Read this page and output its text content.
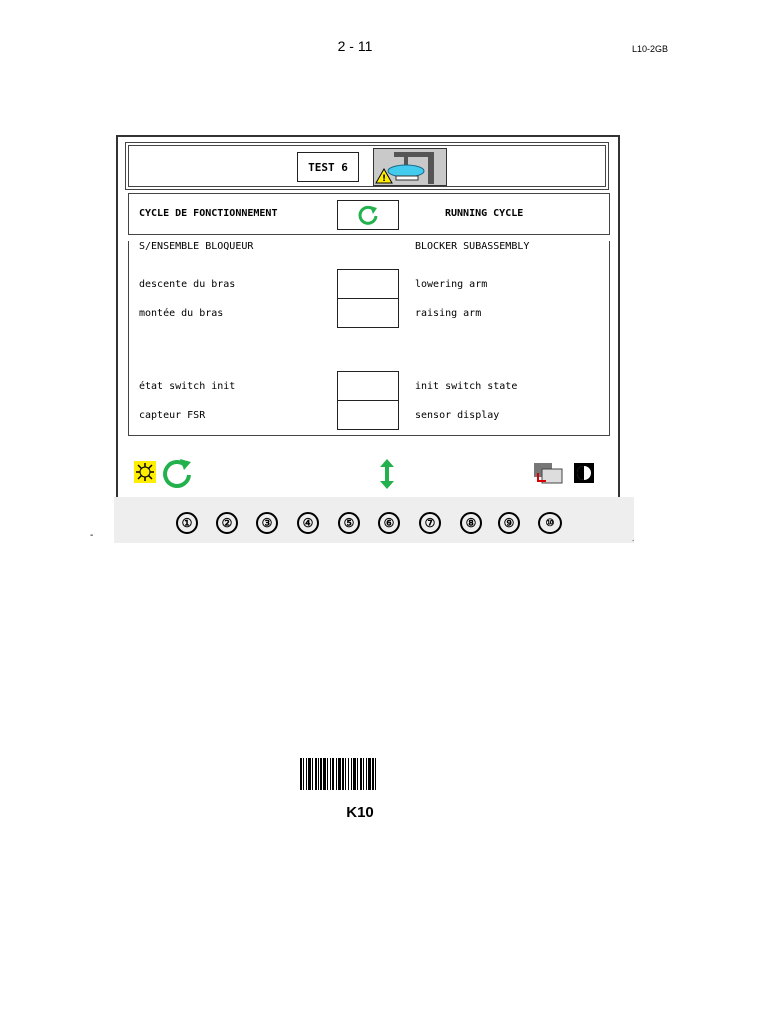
2 - 11	L10-2GB
TEST 6
!
CYCLE DE FONCTIONNEMENT	RUNNING CYCLE
S/ENSEMBLE BLOQUEUR	BLOCKER SUBASSEMBLY
descente du bras	lowering arm
montée du bras	raising arm
état switch init	init switch state
capteur FSR	sensor display
-	.
①	②	③	④	⑤	⑥	⑦	⑧	⑨	⑩
K10
